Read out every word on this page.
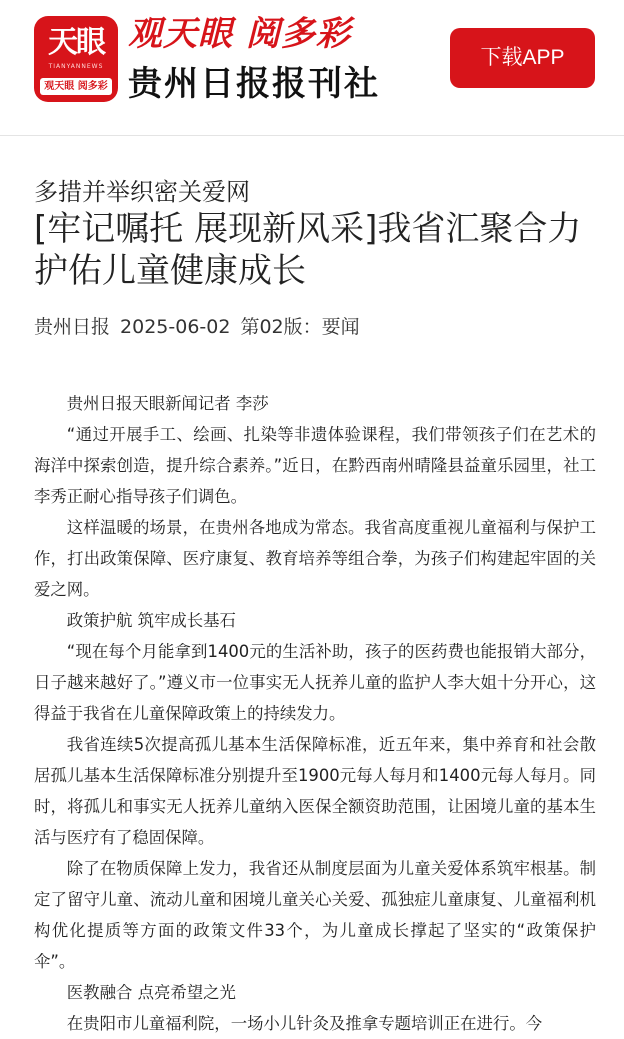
天眼
TIANYANNEWS
观天眼 阅多彩
观天眼 阅多彩
贵州日报报刊社
下载APP
多措并举织密关爱网
[牢记嘱托 展现新风采]我省汇聚合力护佑儿童健康成长
贵州日报 2025-06-02 第02版：要闻

贵州日报天眼新闻记者 李莎

“通过开展手工、绘画、扎染等非遗体验课程，我们带领孩子们在艺术的海洋中探索创造，提升综合素养。”近日，在黔西南州晴隆县益童乐园里，社工李秀正耐心指导孩子们调色。

这样温暖的场景，在贵州各地成为常态。我省高度重视儿童福利与保护工作，打出政策保障、医疗康复、教育培养等组合拳，为孩子们构建起牢固的关爱之网。

政策护航 筑牢成长基石

“现在每个月能拿到1400元的生活补助，孩子的医药费也能报销大部分，日子越来越好了。”遵义市一位事实无人抚养儿童的监护人李大姐十分开心，这得益于我省在儿童保障政策上的持续发力。

我省连续5次提高孤儿基本生活保障标准，近五年来，集中养育和社会散居孤儿基本生活保障标准分别提升至1900元每人每月和1400元每人每月。同时，将孤儿和事实无人抚养儿童纳入医保全额资助范围，让困境儿童的基本生活与医疗有了稳固保障。

除了在物质保障上发力，我省还从制度层面为儿童关爱体系筑牢根基。制定了留守儿童、流动儿童和困境儿童关心关爱、孤独症儿童康复、儿童福利机构优化提质等方面的政策文件33个，为儿童成长撑起了坚实的“政策保护伞”。

医教融合 点亮希望之光

在贵阳市儿童福利院，一场小儿针灸及推拿专题培训正在进行。今
